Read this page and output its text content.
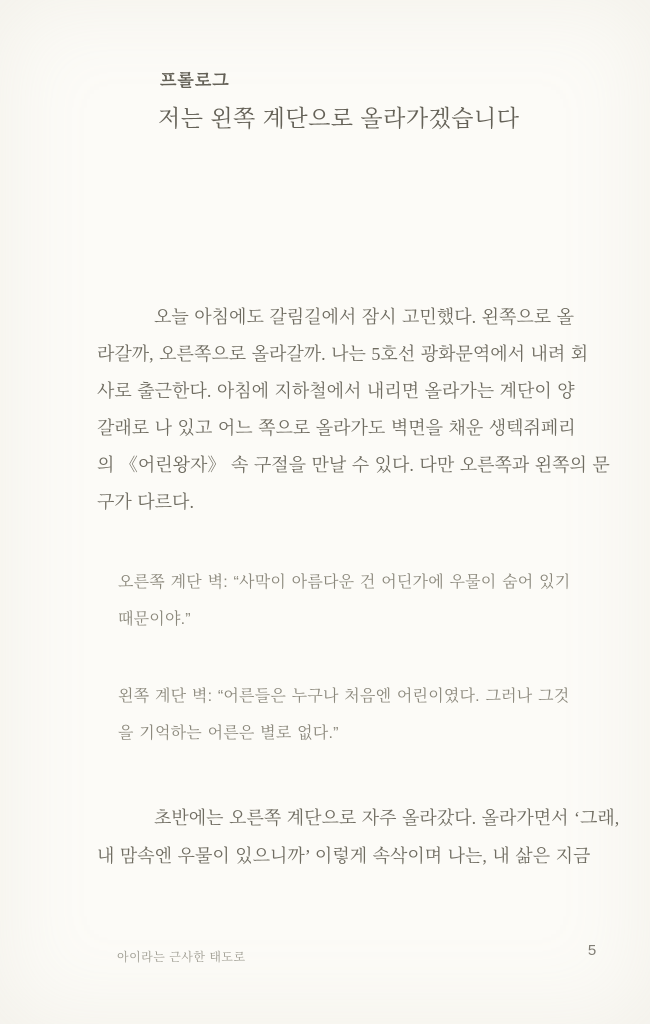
프롤로그
저는 왼쪽 계단으로 올라가겠습니다
오늘 아침에도 갈림길에서 잠시 고민했다. 왼쪽으로 올
라갈까, 오른쪽으로 올라갈까. 나는 5호선 광화문역에서 내려 회
사로 출근한다. 아침에 지하철에서 내리면 올라가는 계단이 양
갈래로 나 있고 어느 쪽으로 올라가도 벽면을 채운 생텍쥐페리
의 《어린왕자》 속 구절을 만날 수 있다. 다만 오른쪽과 왼쪽의 문
구가 다르다.
오른쪽 계단 벽: “사막이 아름다운 건 어딘가에 우물이 숨어 있기
때문이야.”
왼쪽 계단 벽: “어른들은 누구나 처음엔 어린이였다. 그러나 그것
을 기억하는 어른은 별로 없다.”
초반에는 오른쪽 계단으로 자주 올라갔다. 올라가면서 ‘그래,
내 맘속엔 우물이 있으니까’ 이렇게 속삭이며 나는, 내 삶은 지금
아이라는 근사한 태도로	5
